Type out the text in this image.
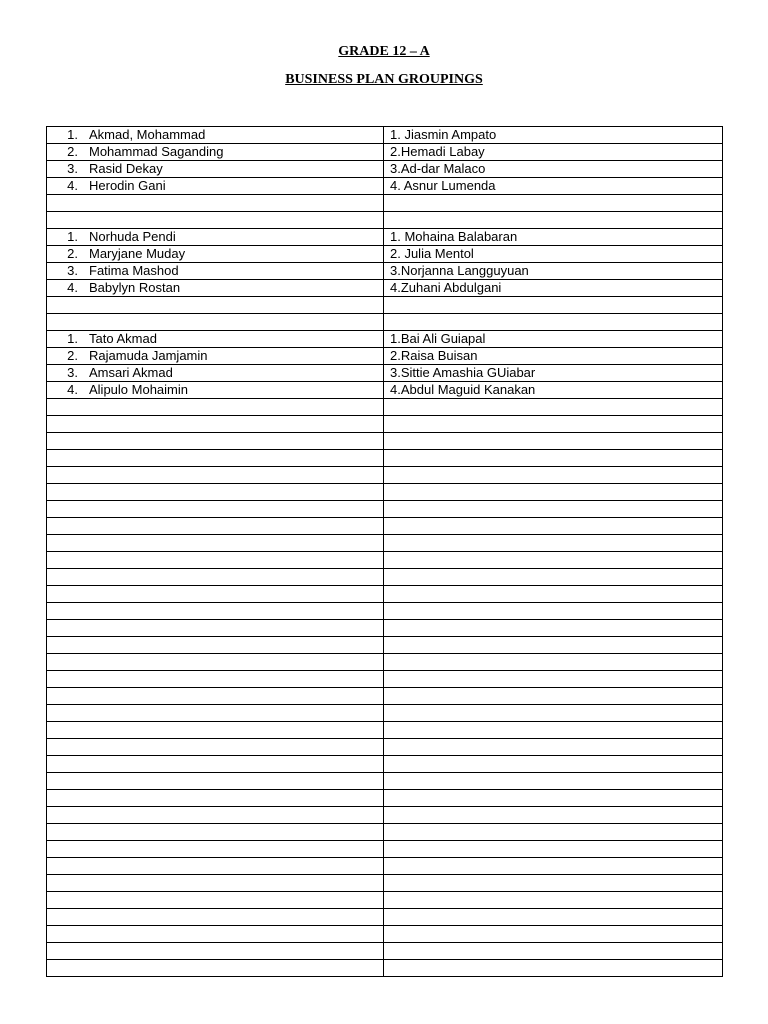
GRADE 12 – A
BUSINESS PLAN GROUPINGS
1. Akmad, Mohammad	1. Jiasmin Ampato
2. Mohammad Saganding	2.Hemadi Labay
3. Rasid Dekay	3.Ad-dar Malaco
4. Herodin Gani	4. Asnur Lumenda

1. Norhuda Pendi	1. Mohaina Balabaran
2. Maryjane Muday	2. Julia Mentol
3. Fatima Mashod	3.Norjanna Langguyuan
4. Babylyn Rostan	4.Zuhani Abdulgani

1. Tato Akmad	1.Bai Ali Guiapal
2. Rajamuda Jamjamin	2.Raisa Buisan
3. Amsari Akmad	3.Sittie Amashia GUiabar
4. Alipulo Mohaimin	4.Abdul Maguid Kanakan
